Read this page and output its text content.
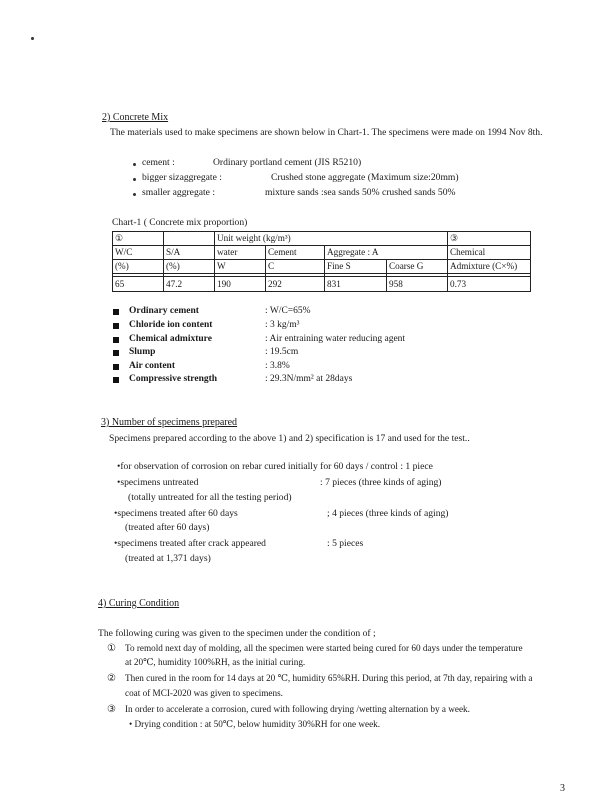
2) Concrete Mix
The materials used to make specimens are shown below in Chart-1. The specimens were made on 1994 Nov 8th.
cement :	Ordinary portland cement (JIS R5210)
bigger sizaggregate :	Crushed stone aggregate (Maximum size:20mm)
smaller aggregate :	mixture sands :sea sands 50% crushed sands 50%
Chart-1 ( Concrete mix proportion)
①		Unit weight (kg/m³)				③
W/C	S/A	water	Cement	Aggregate : A		Chemical
(%)	(%)	W	C	Fine S	Coarse G	Admixture (C×%)

65	47.2	190	292	831	958	0.73
Ordinary cement	: W/C=65%
Chloride ion content	: 3 kg/m³
Chemical admixture	: Air entraining water reducing agent
Slump	: 19.5cm
Air content	: 3.8%
Compressive strength	: 29.3N/mm² at 28days
3) Number of specimens prepared
Specimens prepared according to the above 1) and 2) specification is 17 and used for the test..
•for observation of corrosion on rebar cured initially for 60 days / control : 1 piece
•specimens untreated	: 7 pieces (three kinds of aging)
(totally untreated for all the testing period)
•specimens treated after 60 days	; 4 pieces (three kinds of aging)
(treated after 60 days)
•specimens treated after crack appeared	: 5 pieces
(treated at 1,371 days)
4) Curing Condition
The following curing was given to the specimen under the condition of ;
① To remold next day of molding, all the specimen were started being cured for 60 days under the temperature
at 20℃, humidity 100%RH, as the initial curing.
② Then cured in the room for 14 days at 20 ℃, humidity 65%RH. During this period, at 7th day, repairing with a
coat of MCI-2020 was given to specimens.
③ In order to accelerate a corrosion, cured with following drying /wetting alternation by a week.
• Drying condition : at 50℃, below humidity 30%RH for one week.
3
